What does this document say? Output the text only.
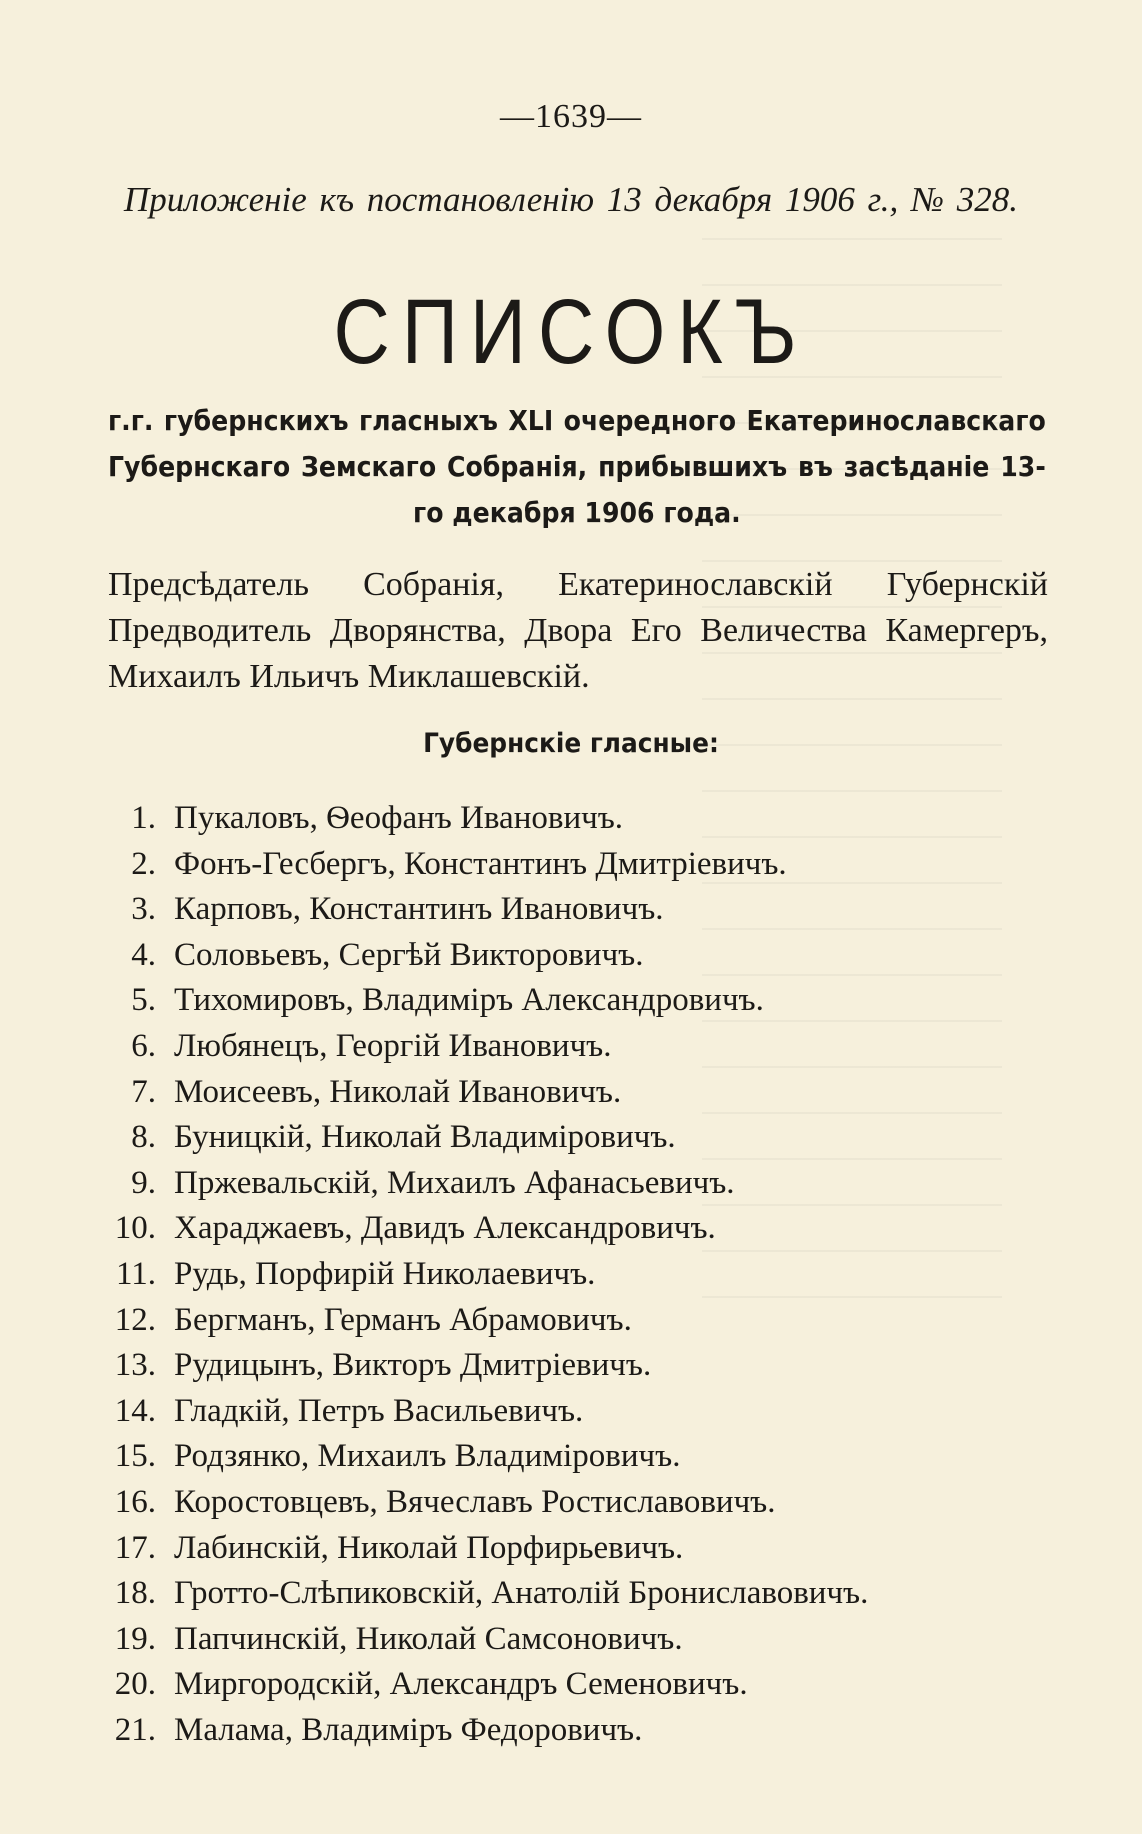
—1639—
Приложеніе къ постановленію 13 декабря 1906 г., № 328.
СПИСОКЪ
г.г. губернскихъ гласныхъ XLI очередного Екатеринославскаго Губернскаго Земскаго Собранія, прибывшихъ въ засѣданіе 13-го декабря 1906 года.
Предсѣдатель Собранія, Екатеринославскій Губернскій Предводитель Дворянства, Двора Его Величества Камергеръ, Михаилъ Ильичъ Миклашевскій.
Губернскіе гласные:
1. Пукаловъ, Ѳеофанъ Ивановичъ.
2. Фонъ-Гесбергъ, Константинъ Дмитріевичъ.
3. Карповъ, Константинъ Ивановичъ.
4. Соловьевъ, Сергѣй Викторовичъ.
5. Тихомировъ, Владиміръ Александровичъ.
6. Любянецъ, Георгій Ивановичъ.
7. Моисеевъ, Николай Ивановичъ.
8. Буницкій, Николай Владиміровичъ.
9. Пржевальскій, Михаилъ Афанасьевичъ.
10. Хараджаевъ, Давидъ Александровичъ.
11. Рудь, Порфирій Николаевичъ.
12. Бергманъ, Германъ Абрамовичъ.
13. Рудицынъ, Викторъ Дмитріевичъ.
14. Гладкій, Петръ Васильевичъ.
15. Родзянко, Михаилъ Владиміровичъ.
16. Коростовцевъ, Вячеславъ Ростиславовичъ.
17. Лабинскій, Николай Порфирьевичъ.
18. Гротто-Слѣпиковскій, Анатолій Брониславовичъ.
19. Папчинскій, Николай Самсоновичъ.
20. Миргородскій, Александръ Семеновичъ.
21. Малама, Владиміръ Федоровичъ.
